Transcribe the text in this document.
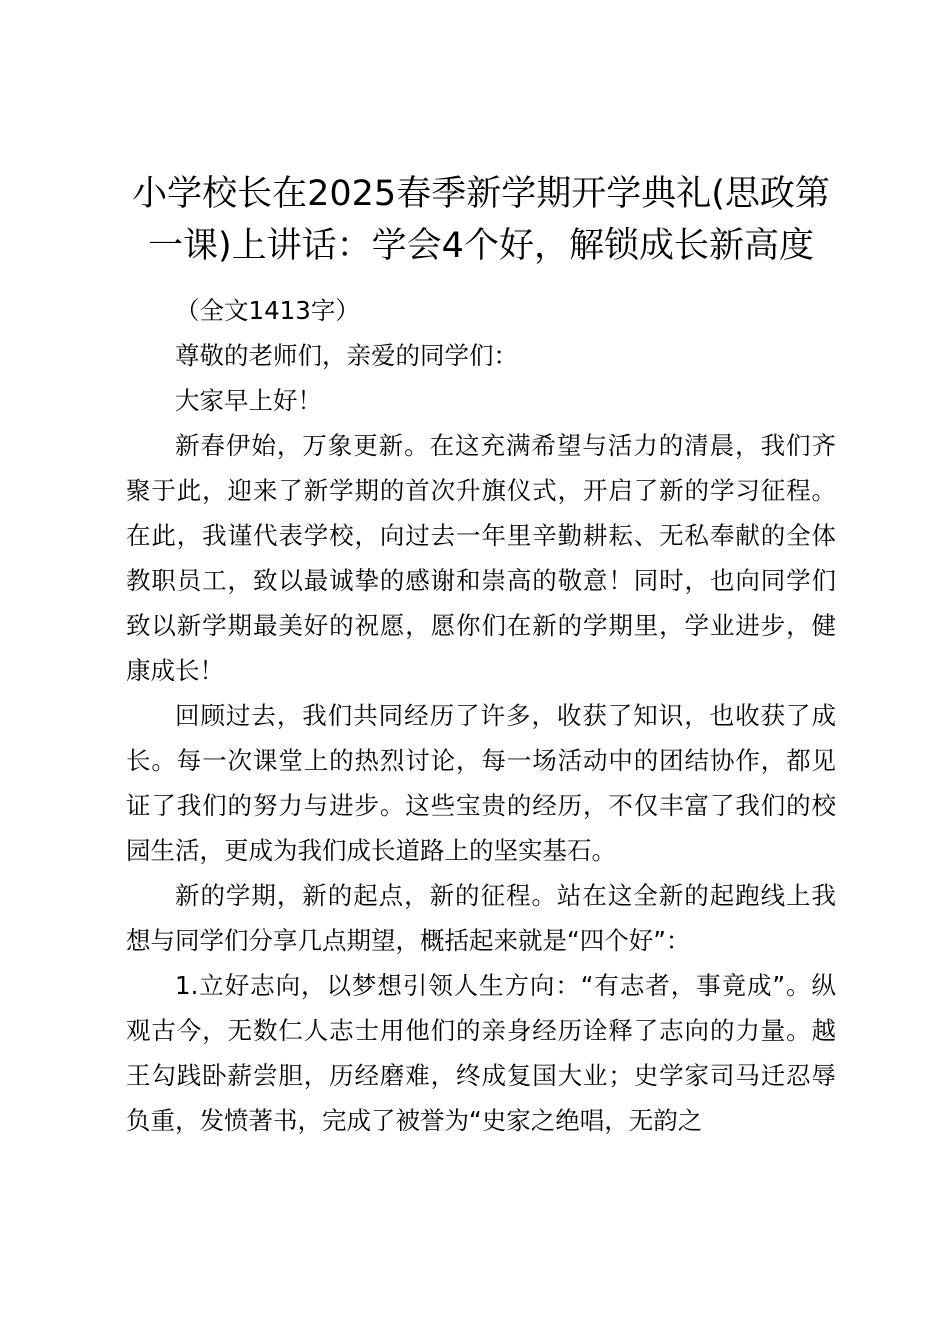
小学校长在2025春季新学期开学典礼(思政第一课)上讲话：学会4个好，解锁成长新高度

（全文1413字）

尊敬的老师们，亲爱的同学们：

大家早上好！

新春伊始，万象更新。在这充满希望与活力的清晨，我们齐聚于此，迎来了新学期的首次升旗仪式，开启了新的学习征程。在此，我谨代表学校，向过去一年里辛勤耕耘、无私奉献的全体教职员工，致以最诚挚的感谢和崇高的敬意！同时，也向同学们致以新学期最美好的祝愿，愿你们在新的学期里，学业进步，健康成长！

回顾过去，我们共同经历了许多，收获了知识，也收获了成长。每一次课堂上的热烈讨论，每一场活动中的团结协作，都见证了我们的努力与进步。这些宝贵的经历，不仅丰富了我们的校园生活，更成为我们成长道路上的坚实基石。

新的学期，新的起点，新的征程。站在这全新的起跑线上我想与同学们分享几点期望，概括起来就是“四个好”：

1.立好志向，以梦想引领人生方向：“有志者，事竟成”。纵观古今，无数仁人志士用他们的亲身经历诠释了志向的力量。越王勾践卧薪尝胆，历经磨难，终成复国大业；史学家司马迁忍辱负重，发愤著书，完成了被誉为“史家之绝唱，无韵之
